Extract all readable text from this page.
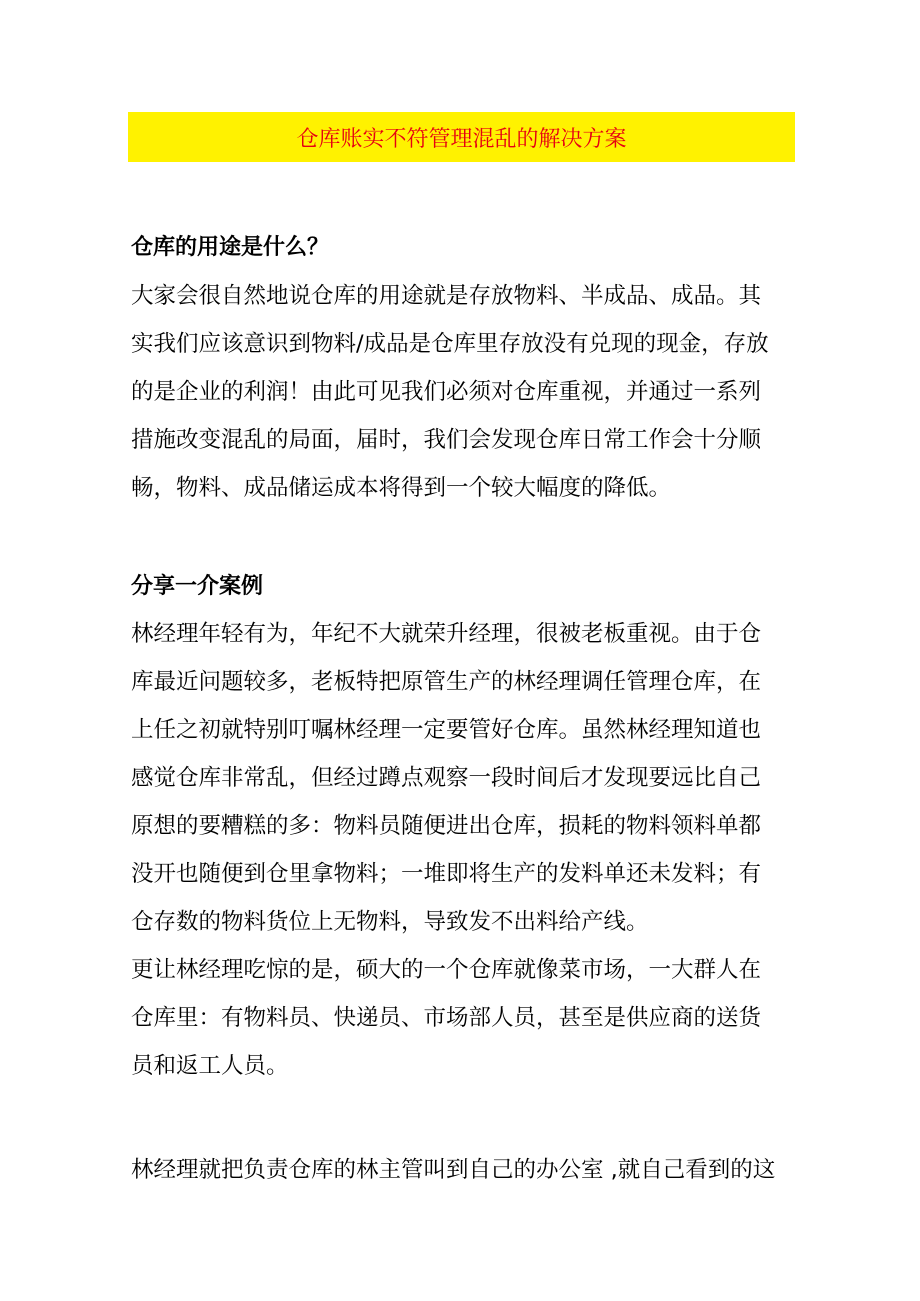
仓库账实不符管理混乱的解决方案
仓库的用途是什么？
大家会很自然地说仓库的用途就是存放物料、半成品、成品。其
实我们应该意识到物料/成品是仓库里存放没有兑现的现金，存放
的是企业的利润！由此可见我们必须对仓库重视，并通过一系列
措施改变混乱的局面，届时，我们会发现仓库日常工作会十分顺
畅，物料、成品储运成本将得到一个较大幅度的降低。
分享一介案例
林经理年轻有为，年纪不大就荣升经理，很被老板重视。由于仓
库最近问题较多，老板特把原管生产的林经理调任管理仓库，在
上任之初就特别叮嘱林经理一定要管好仓库。虽然林经理知道也
感觉仓库非常乱，但经过蹲点观察一段时间后才发现要远比自己
原想的要糟糕的多：物料员随便进出仓库，损耗的物料领料单都
没开也随便到仓里拿物料；一堆即将生产的发料单还未发料；有
仓存数的物料货位上无物料，导致发不出料给产线。
更让林经理吃惊的是，硕大的一个仓库就像菜市场，一大群人在
仓库里：有物料员、快递员、市场部人员，甚至是供应商的送货
员和返工人员。
林经理就把负责仓库的林主管叫到自己的办公室 ,就自己看到的这
